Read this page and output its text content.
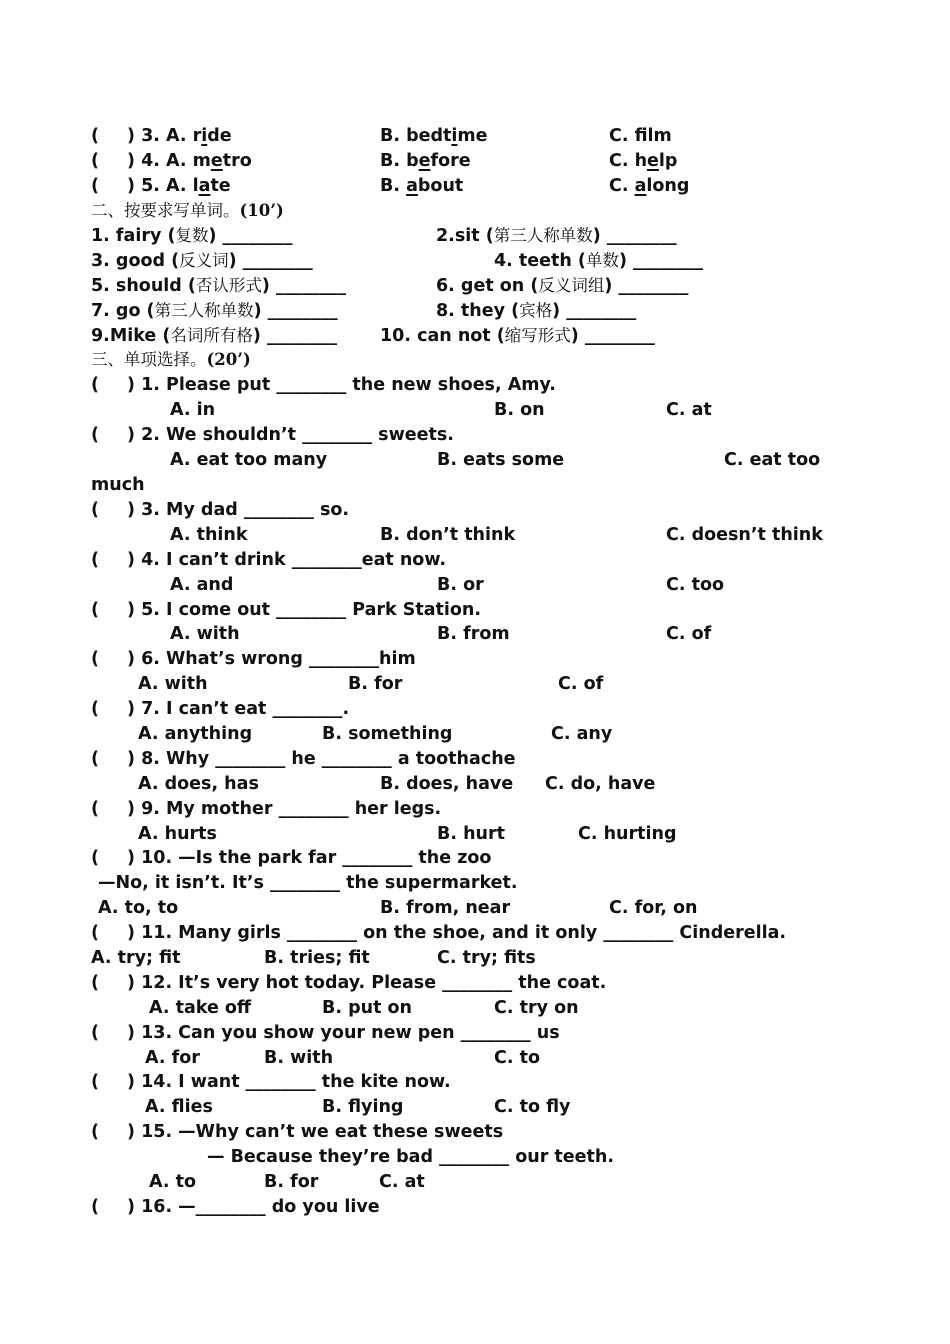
( ) 3. A. ride	B. bedtime	C. film
( ) 4. A. metro	B. before	C. help
( ) 5. A. late	B. about	C. along
二、按要求写单词。(10’)
1. fairy (复数) ________	2.sit (第三人称单数) ________
3. good (反义词) ________	4. teeth (单数) ________
5. should (否认形式) ________	6. get on (反义词组) ________
7. go (第三人称单数) ________	8. they (宾格) ________
9.Mike (名词所有格) ________ 10. can not (缩写形式) ________
三、单项选择。(20’)
( ) 1. Please put ________ the new shoes, Amy.
A. in	B. on	C. at
( ) 2. We shouldn’t ________ sweets.
A. eat too many	B. eats some	C. eat too
much
( ) 3. My dad ________ so.
A. think	B. don’t think	C. doesn’t think
( ) 4. I can’t drink ________eat now.
A. and	B. or	C. too
( ) 5. I come out ________ Park Station.
A. with	B. from	C. of
( ) 6. What’s wrong ________him
A. with	B. for	C. of
( ) 7. I can’t eat ________.
A. anything	B. something	C. any
( ) 8. Why ________ he ________ a toothache
A. does, has	B. does, have C. do, have
( ) 9. My mother ________ her legs.
A. hurts	B. hurt	C. hurting
( ) 10. —Is the park far ________ the zoo
—No, it isn’t. It’s ________ the supermarket.
A. to, to	B. from, near	C. for, on
( ) 11. Many girls ________ on the shoe, and it only ________ Cinderella.
A. try; fit	B. tries; fit	C. try; fits
( ) 12. It’s very hot today. Please ________ the coat.
A. take off	B. put on	C. try on
( ) 13. Can you show your new pen ________ us
A. for	B. with	C. to
( ) 14. I want ________ the kite now.
A. flies	B. flying	C. to fly
( ) 15. —Why can’t we eat these sweets
— Because they’re bad ________ our teeth.
A. to	B. for	C. at
( ) 16. —________ do you live
